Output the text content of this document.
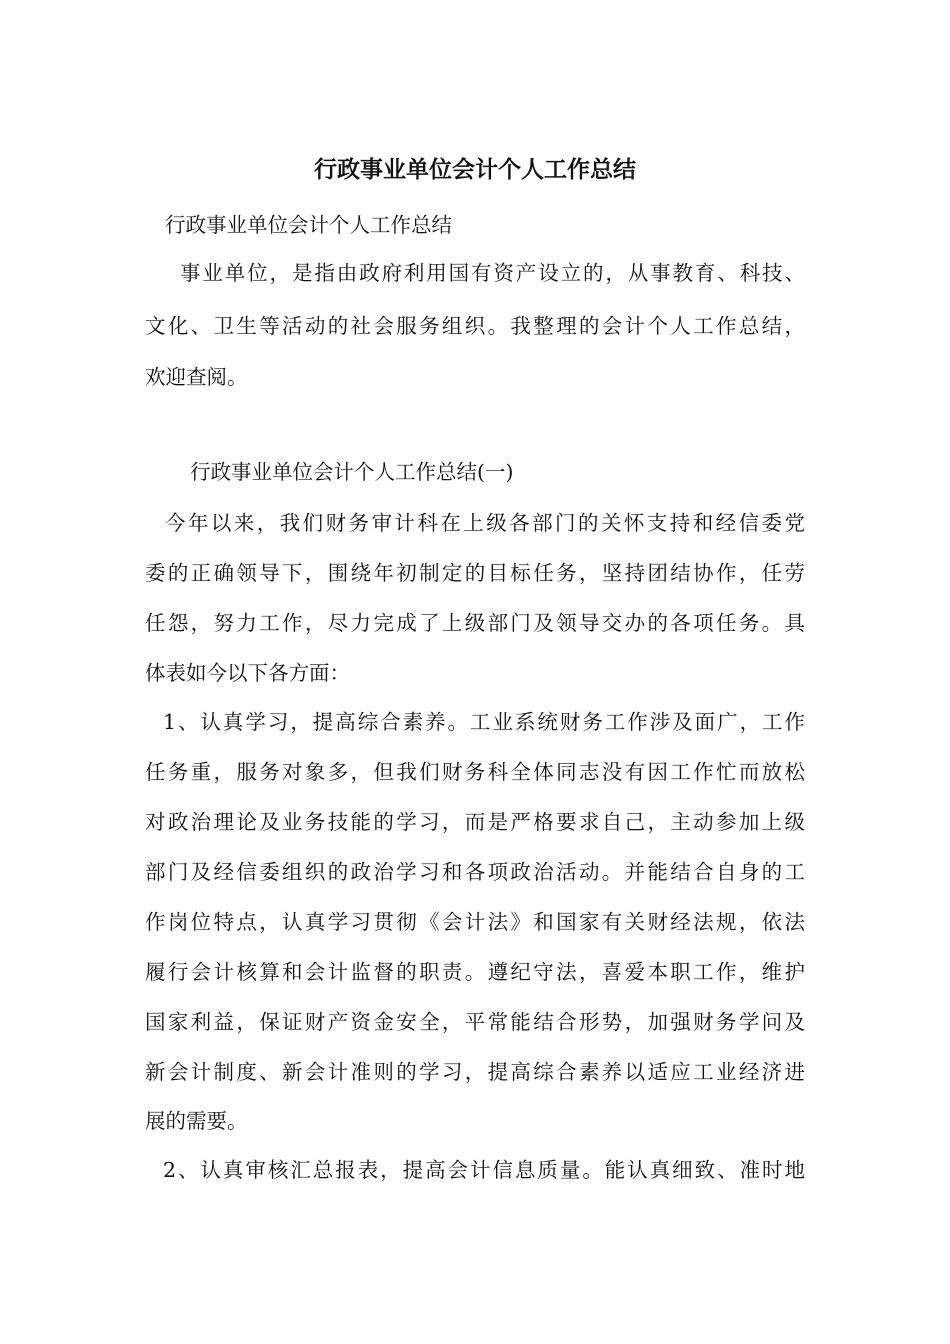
行政事业单位会计个人工作总结
行政事业单位会计个人工作总结
事业单位，是指由政府利用国有资产设立的，从事教育、科技、
文化、卫生等活动的社会服务组织。我整理的会计个人工作总结，
欢迎查阅。
行政事业单位会计个人工作总结(一)
今年以来，我们财务审计科在上级各部门的关怀支持和经信委党
委的正确领导下，围绕年初制定的目标任务，坚持团结协作，任劳
任怨，努力工作，尽力完成了上级部门及领导交办的各项任务。具
体表如今以下各方面：
1、认真学习，提高综合素养。工业系统财务工作涉及面广，工作
任务重，服务对象多，但我们财务科全体同志没有因工作忙而放松
对政治理论及业务技能的学习，而是严格要求自己，主动参加上级
部门及经信委组织的政治学习和各项政治活动。并能结合自身的工
作岗位特点，认真学习贯彻《会计法》和国家有关财经法规，依法
履行会计核算和会计监督的职责。遵纪守法，喜爱本职工作，维护
国家利益，保证财产资金安全，平常能结合形势，加强财务学问及
新会计制度、新会计准则的学习，提高综合素养以适应工业经济进
展的需要。
2、认真审核汇总报表，提高会计信息质量。能认真细致、准时地
